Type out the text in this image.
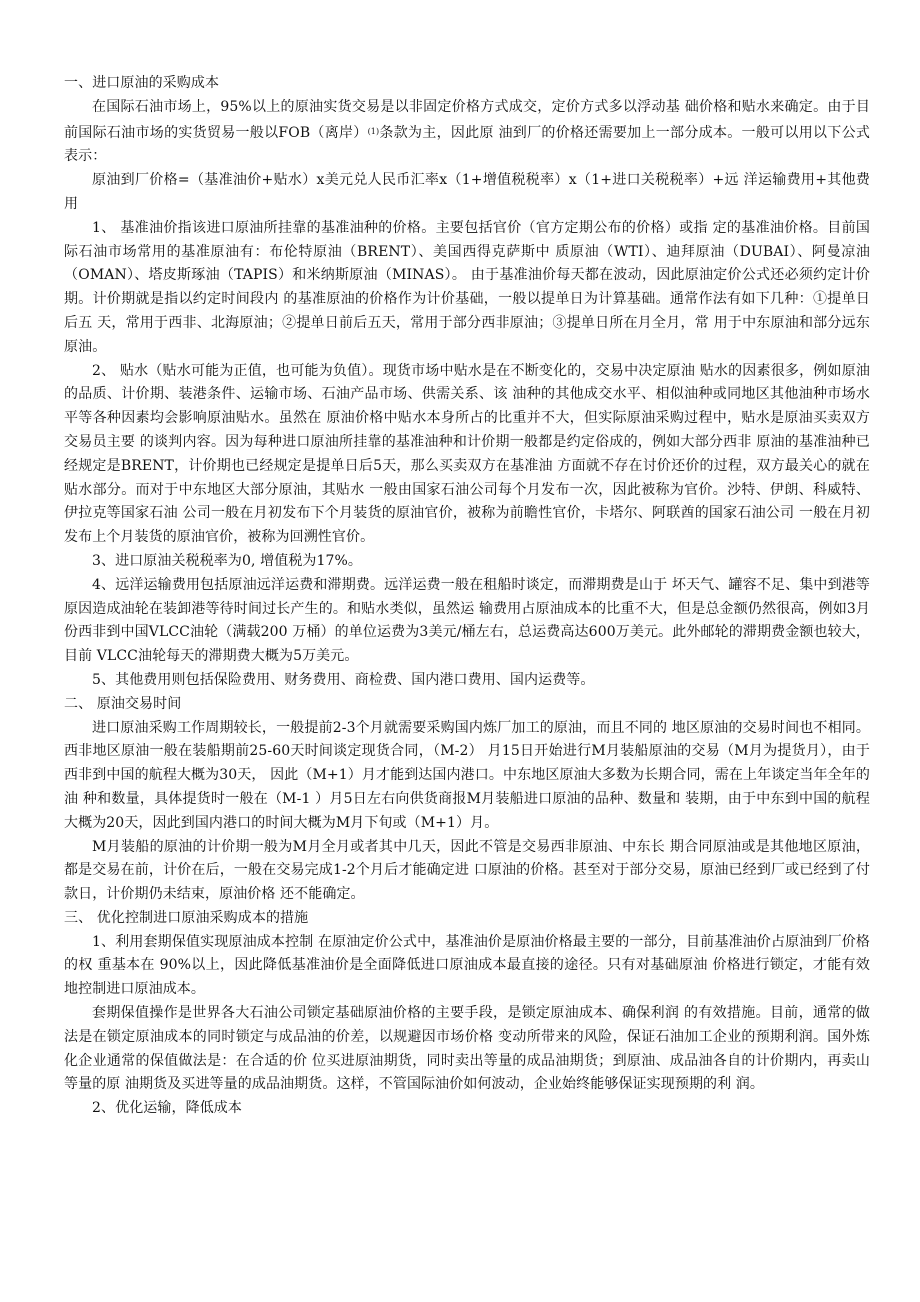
一、进口原油的采购成本

在国际石油市场上，95%以上的原油实货交易是以非固定价格方式成交，定价方式多以浮动基 础价格和贴水来确定。由于目前国际石油市场的实货贸易一般以FOB（离岸）$^{(1)}$条款为主，因此原 油到厂的价格还需要加上一部分成本。一般可以用以下公式表示：

原油到厂价格=（基准油价+贴水）x美元兑人民币汇率x（1+增值税税率）x（1+进口关税税率）+远 洋运输费用+其他费用

1、 基准油价指该进口原油所挂靠的基准油种的价格。主要包括官价（官方定期公布的价格）或指 定的基准油价格。目前国际石油市场常用的基准原油有：布伦特原油（BRENT）、美国西得克萨斯中 质原油（WTI）、迪拜原油（DUBAI）、阿曼凉油（OMAN）、塔皮斯琢油（TAPIS）和米纳斯原油（MINAS）。 由于基准油价每天都在波动，因此原油定价公式还必须约定计价期。计价期就是指以约定时间段内 的基准原油的价格作为计价基础，一般以提单日为计算基础。通常作法有如下几种：①提单日后五 天，常用于西非、北海原油；②提单日前后五天，常用于部分西非原油；③提单日所在月全月，常 用于中东原油和部分远东原油。

2、 贴水（贴水可能为正值，也可能为负值）。现货市场中贴水是在不断变化的，交易中决定原油 贴水的因素很多，例如原油的品质、计价期、装港条件、运输市场、石油产品市场、供需关系、该 油种的其他成交水平、相似油种或同地区其他油种市场水平等各种因素均会影响原油贴水。虽然在 原油价格中贴水本身所占的比重并不大，但实际原油采购过程中，贴水是原油买卖双方交易员主要 的谈判内容。因为每种进口原油所挂靠的基准油种和计价期一般都是约定俗成的，例如大部分西非 原油的基准油种已经规定是BRENT，计价期也已经规定是提单日后5天，那么买卖双方在基准油 方面就不存在讨价还价的过程，双方最关心的就在贴水部分。而对于中东地区大部分原油，其贴水 一般由国家石油公司每个月发布一次，因此被称为官价。沙特、伊朗、科威特、伊拉克等国家石油 公司一般在月初发布下个月装货的原油官价，被称为前瞻性官价，卡塔尔、阿联酋的国家石油公司 一般在月初发布上个月装货的原油官价，被称为回溯性官价。

3、进口原油关税税率为0, 增值税为17%。

4、远洋运输费用包括原油远洋运费和滞期费。远洋运费一般在租船时谈定，而滞期费是山于 坏天气、罐容不足、集中到港等原因造成油轮在装卸港等待时间过长产生的。和贴水类似，虽然运 输费用占原油成本的比重不大，但是总金额仍然很高，例如3月份西非到中国VLCC油轮（满载200 万桶）的单位运费为3美元/桶左右，总运费高达600万美元。此外邮轮的滞期费金额也较大，目前 VLCC油轮每天的滞期费大概为5万美元。

5、其他费用则包括保险费用、财务费用、商检费、国内港口费用、国内运费等。

二、 原油交易时间

进口原油采购工作周期较长，一般提前2-3个月就需要采购国内炼厂加工的原油，而且不同的 地区原油的交易时间也不相同。西非地区原油一般在装船期前25-60天时间谈定现货合同，（M-2） 月15日开始进行M月装船原油的交易（M月为提货月），由于西非到中国的航程大概为30天， 因此（M+1）月才能到达国内港口。中东地区原油大多数为长期合同，需在上年谈定当年全年的油 种和数量，具体提货时一般在（M-1 ）月5日左右向供货商报M月装船进口原油的品种、数量和 装期，由于中东到中国的航程大概为20天，因此到国内港口的时间大概为M月下旬或（M+1）月。

M月装船的原油的计价期一般为M月全月或者其中几天，因此不管是交易西非原油、中东长 期合同原油或是其他地区原油，都是交易在前，计价在后，一般在交易完成1-2个月后才能确定进 口原油的价格。甚至对于部分交易，原油已经到厂或已经到了付款日，计价期仍未结束，原油价格 还不能确定。

三、 优化控制进口原油采购成本的措施

1、利用套期保值实现原油成本控制 在原油定价公式中，基准油价是原油价格最主要的一部分，目前基准油价占原油到厂价格的权 重基本在 90%以上，因此降低基准油价是全面降低进口原油成本最直接的途径。只有对基础原油 价格进行锁定，才能有效地控制进口原油成本。

套期保值操作是世界各大石油公司锁定基础原油价格的主要手段，是锁定原油成本、确保利润 的有效措施。目前，通常的做法是在锁定原油成本的同时锁定与成品油的价差，以规避因市场价格 变动所带来的风险，保证石油加工企业的预期利润。国外炼化企业通常的保值做法是：在合适的价 位买进原油期货，同时卖出等量的成品油期货；到原油、成品油各自的计价期内，再卖山等量的原 油期货及买进等量的成品油期货。这样，不管国际油价如何波动，企业始终能够保证实现预期的利 润。

2、优化运输，降低成本
